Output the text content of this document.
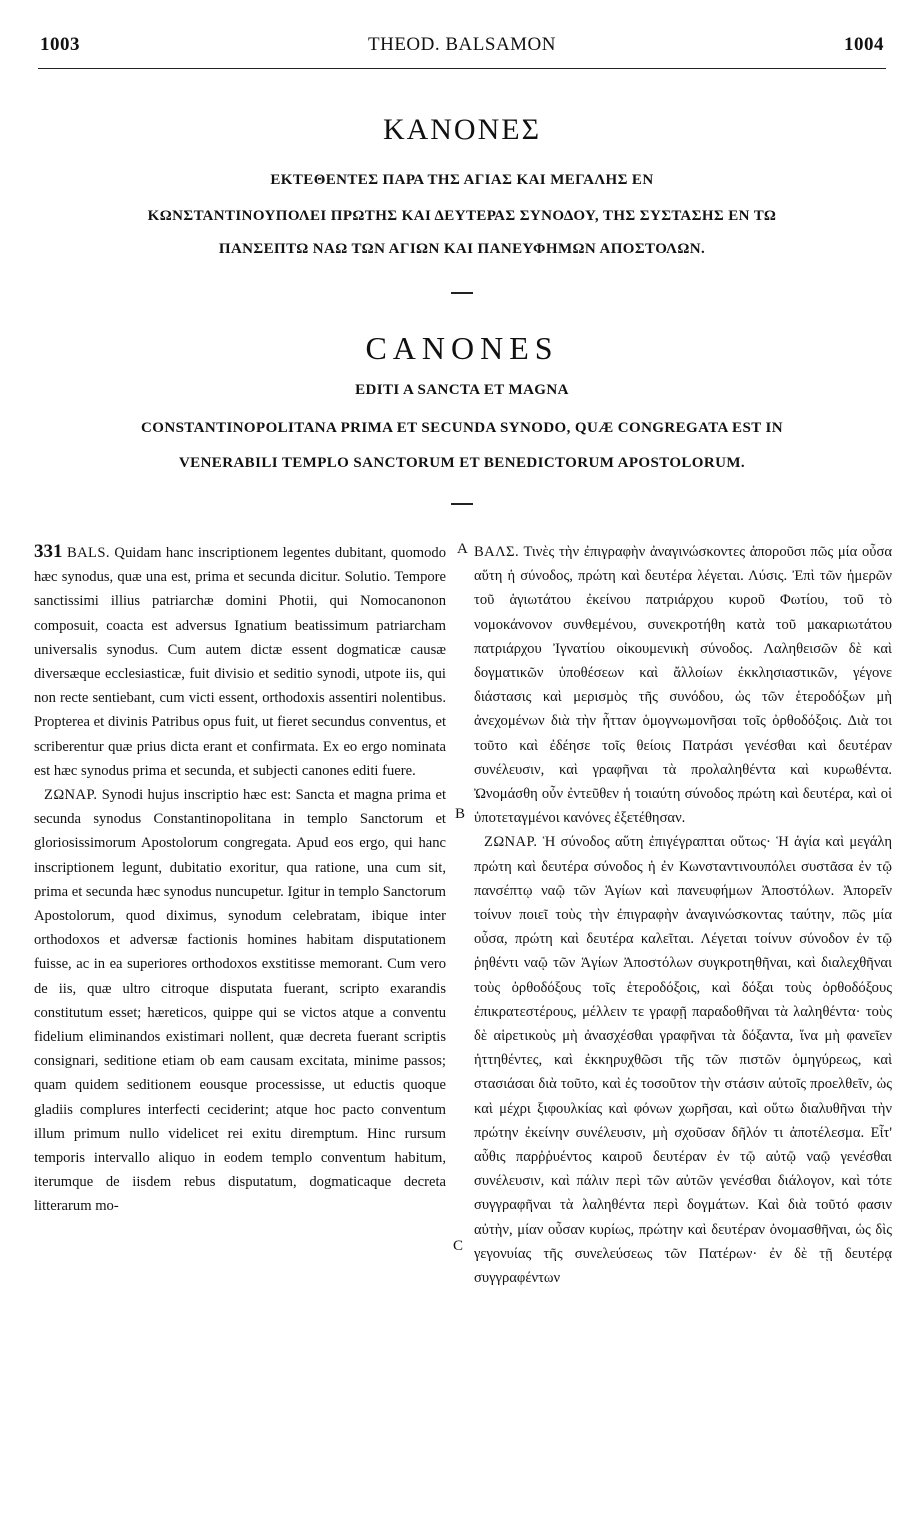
1003	THEOD. BALSAMON	1004
ΚΑΝΟΝΕΣ
ΕΚΤΕΘΕΝΤΕΣ ΠΑΡΑ ΤΗΣ ΑΓΙΑΣ ΚΑΙ ΜΕΓΑΛΗΣ ΕΝ
ΚΩΝΣΤΑΝΤΙΝΟΥΠΟΛΕΙ ΠΡΩΤΗΣ ΚΑΙ ΔΕΥΤΕΡΑΣ ΣΥΝΟΔΟΥ, ΤΗΣ ΣΥΣΤΑΣΗΣ ΕΝ ΤΩ
ΠΑΝΣΕΠΤΩ ΝΑΩ ΤΩΝ ΑΓΙΩΝ ΚΑΙ ΠΑΝΕΥΦΗΜΩΝ ΑΠΟΣΤΟΛΩΝ.
CANONES
EDITI A SANCTA ET MAGNA
CONSTANTINOPOLITANA PRIMA ET SECUNDA SYNODO, QUÆ CONGREGATA EST IN
VENERABILI TEMPLO SANCTORUM ET BENEDICTORUM APOSTOLORUM.

331 BALS. Quidam hanc inscriptionem legentes dubitant, quomodo hæc synodus, quæ una est, prima et secunda dicitur. Solutio. Tempore sanctissimi illius patriarchæ domini Photii, qui Nomocanonon composuit, coacta est adversus Ignatium beatissimum patriarcham universalis synodus. Cum autem dictæ essent dogmaticæ causæ diversæque ecclesiasticæ, fuit divisio et seditio synodi, utpote iis, qui non recte sentiebant, cum victi essent, orthodoxis assentiri nolentibus. Propterea et divinis Patribus opus fuit, ut fieret secundus conventus, et scriberentur quæ prius dicta erant et confirmata. Ex eo ergo nominata est hæc synodus prima et secunda, et subjecti canones editi fuere.

ΖΩΝΑΡ. Synodi hujus inscriptio hæc est: Sancta et magna prima et secunda synodus Constantinopolitana in templo Sanctorum et gloriosissimorum Apostolorum congregata. Apud eos ergo, qui hanc inscriptionem legunt, dubitatio exoritur, qua ratione, una cum sit, prima et secunda hæc synodus nuncupetur. Igitur in templo Sanctorum Apostolorum, quod diximus, synodum celebratam, ibique inter orthodoxos et adversæ factionis homines habitam disputationem fuisse, ac in ea superiores orthodoxos exstitisse memorant. Cum vero de iis, quæ ultro citroque disputata fuerant, scripto exarandis constitutum esset; hæreticos, quippe qui se victos atque a conventu fidelium eliminandos existimari nollent, quæ decreta fuerant scriptis consignari, seditione etiam ob eam causam excitata, minime passos; quam quidem seditionem eousque processisse, ut eductis quoque gladiis complures interfecti ceciderint; atque hoc pacto conventum illum primum nullo videlicet rei exitu diremptum. Hinc rursum temporis intervallo aliquo in eodem templo conventum habitum, iterumque de iisdem rebus disputatum, dogmaticaque decreta litterarum mo-

A
B
C

ΒΑΛΣ. Τινὲς τὴν ἐπιγραφὴν ἀναγινώσκοντες ἀποροῦσι πῶς μία οὖσα αὕτη ἡ σύνοδος, πρώτη καὶ δευτέρα λέγεται. Λύσις. Ἐπὶ τῶν ἡμερῶν τοῦ ἁγιωτάτου ἐκείνου πατριάρχου κυροῦ Φωτίου, τοῦ τὸ νομοκάνονον συνθεμένου, συνεκροτήθη κατὰ τοῦ μακαριωτάτου πατριάρχου Ἰγνατίου οἰκουμενικὴ σύνοδος. Λαληθεισῶν δὲ καὶ δογματικῶν ὑποθέσεων καὶ ἄλλοίων ἐκκλησιαστικῶν, γέγονε διάστασις καὶ μερισμὸς τῆς συνόδου, ὡς τῶν ἑτεροδόξων μὴ ἀνεχομένων διὰ τὴν ἧτταν ὁμογνωμονῆσαι τοῖς ὀρθοδόξοις. Διὰ τοι τοῦτο καὶ ἐδέησε τοῖς θείοις Πατράσι γενέσθαι καὶ δευτέραν συνέλευσιν, καὶ γραφῆναι τὰ προλαληθέντα καὶ κυρωθέντα. Ὠνομάσθη οὖν ἐντεῦθεν ἡ τοιαύτη σύνοδος πρώτη καὶ δευτέρα, καὶ οἱ ὑποτεταγμένοι κανόνες ἐξετέθησαν.

ΖΩΝΑΡ. Ἡ σύνοδος αὕτη ἐπιγέγραπται οὕτως· Ἡ ἁγία καὶ μεγάλη πρώτη καὶ δευτέρα σύνοδος ἡ ἐν Κωνσταντινουπόλει συστᾶσα ἐν τῷ πανσέπτῳ ναῷ τῶν Ἁγίων καὶ πανευφήμων Ἀποστόλων. Ἀπορεῖν τοίνυν ποιεῖ τοὺς τὴν ἐπιγραφὴν ἀναγινώσκοντας ταύτην, πῶς μία οὖσα, πρώτη καὶ δευτέρα καλεῖται. Λέγεται τοίνυν σύνοδον ἐν τῷ ῥηθέντι ναῷ τῶν Ἁγίων Ἀποστόλων συγκροτηθῆναι, καὶ διαλεχθῆναι τοὺς ὀρθοδόξους τοῖς ἑτεροδόξοις, καὶ δόξαι τοὺς ὀρθοδόξους ἐπικρατεστέρους, μέλλειν τε γραφῇ παραδοθῆναι τὰ λαληθέντα· τοὺς δὲ αἱρετικοὺς μὴ ἀνασχέσθαι γραφῆναι τὰ δόξαντα, ἵνα μὴ φανεῖεν ἡττηθέντες, καὶ ἐκκηρυχθῶσι τῆς τῶν πιστῶν ὁμηγύρεως, καὶ στασιάσαι διὰ τοῦτο, καὶ ἐς τοσοῦτον τὴν στάσιν αὐτοῖς προελθεῖν, ὡς καὶ μέχρι ξιφουλκίας καὶ φόνων χωρῆσαι, καὶ οὕτω διαλυθῆναι τὴν πρώτην ἐκείνην συνέλευσιν, μὴ σχοῦσαν δῆλόν τι ἀποτέλεσμα. Εἶτ' αὖθις παρῤῥυέντος καιροῦ δευτέραν ἐν τῷ αὐτῷ ναῷ γενέσθαι συνέλευσιν, καὶ πάλιν περὶ τῶν αὐτῶν γενέσθαι διάλογον, καὶ τότε συγγραφῆναι τὰ λαληθέντα περὶ δογμάτων. Καὶ διὰ τοῦτό φασιν αὐτὴν, μίαν οὖσαν κυρίως, πρώτην καὶ δευτέραν ὀνομασθῆναι, ὡς δὶς γεγονυίας τῆς συνελεύσεως τῶν Πατέρων· ἐν δὲ τῇ δευτέρᾳ συγγραφέντων
